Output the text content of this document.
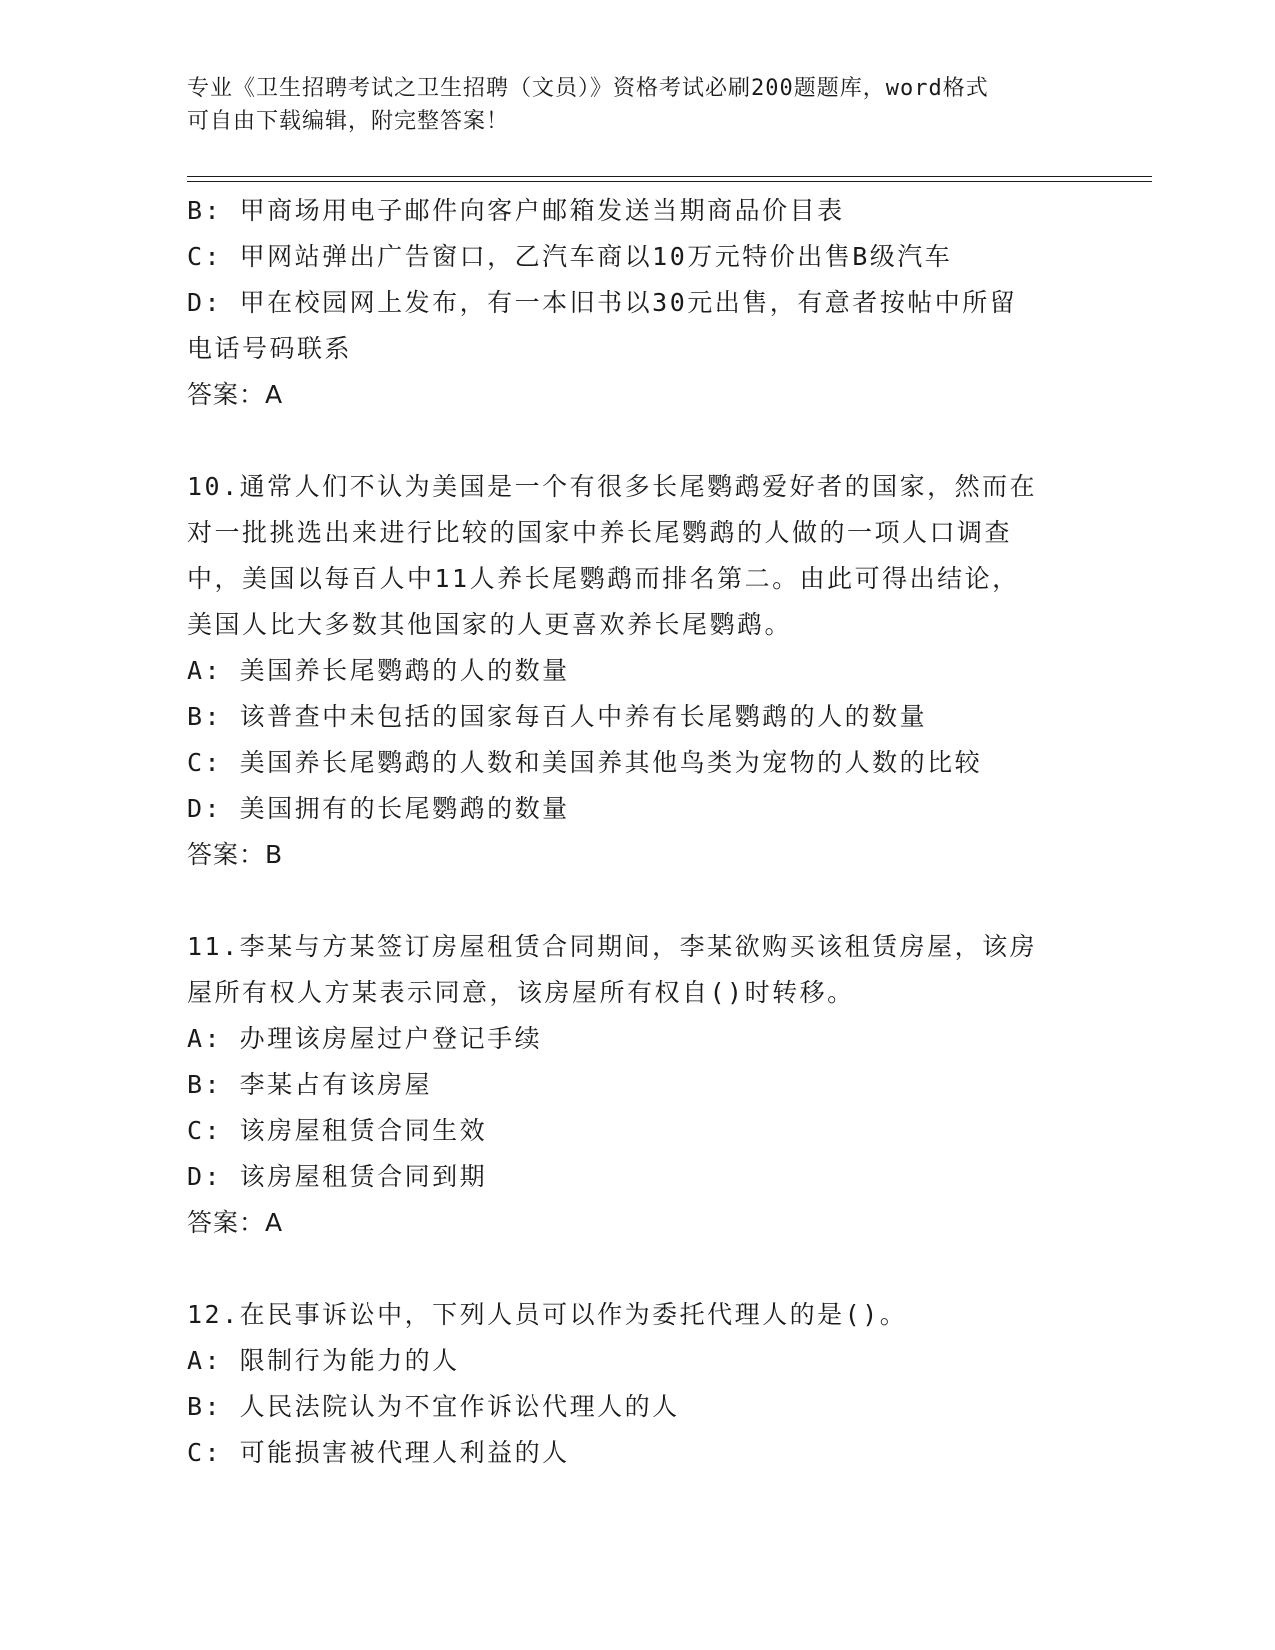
专业《卫生招聘考试之卫生招聘（文员）》资格考试必刷200题题库，word格式
可自由下载编辑，附完整答案！
B: 甲商场用电子邮件向客户邮箱发送当期商品价目表
C: 甲网站弹出广告窗口，乙汽车商以10万元特价出售B级汽车
D: 甲在校园网上发布，有一本旧书以30元出售，有意者按帖中所留
电话号码联系
答案：A
10.通常人们不认为美国是一个有很多长尾鹦鹉爱好者的国家，然而在
对一批挑选出来进行比较的国家中养长尾鹦鹉的人做的一项人口调查
中，美国以每百人中11人养长尾鹦鹉而排名第二。由此可得出结论，
美国人比大多数其他国家的人更喜欢养长尾鹦鹉。
A: 美国养长尾鹦鹉的人的数量
B: 该普查中未包括的国家每百人中养有长尾鹦鹉的人的数量
C: 美国养长尾鹦鹉的人数和美国养其他鸟类为宠物的人数的比较
D: 美国拥有的长尾鹦鹉的数量
答案：B
11.李某与方某签订房屋租赁合同期间，李某欲购买该租赁房屋，该房
屋所有权人方某表示同意，该房屋所有权自()时转移。
A: 办理该房屋过户登记手续
B: 李某占有该房屋
C: 该房屋租赁合同生效
D: 该房屋租赁合同到期
答案：A
12.在民事诉讼中，下列人员可以作为委托代理人的是()。
A: 限制行为能力的人
B: 人民法院认为不宜作诉讼代理人的人
C: 可能损害被代理人利益的人
